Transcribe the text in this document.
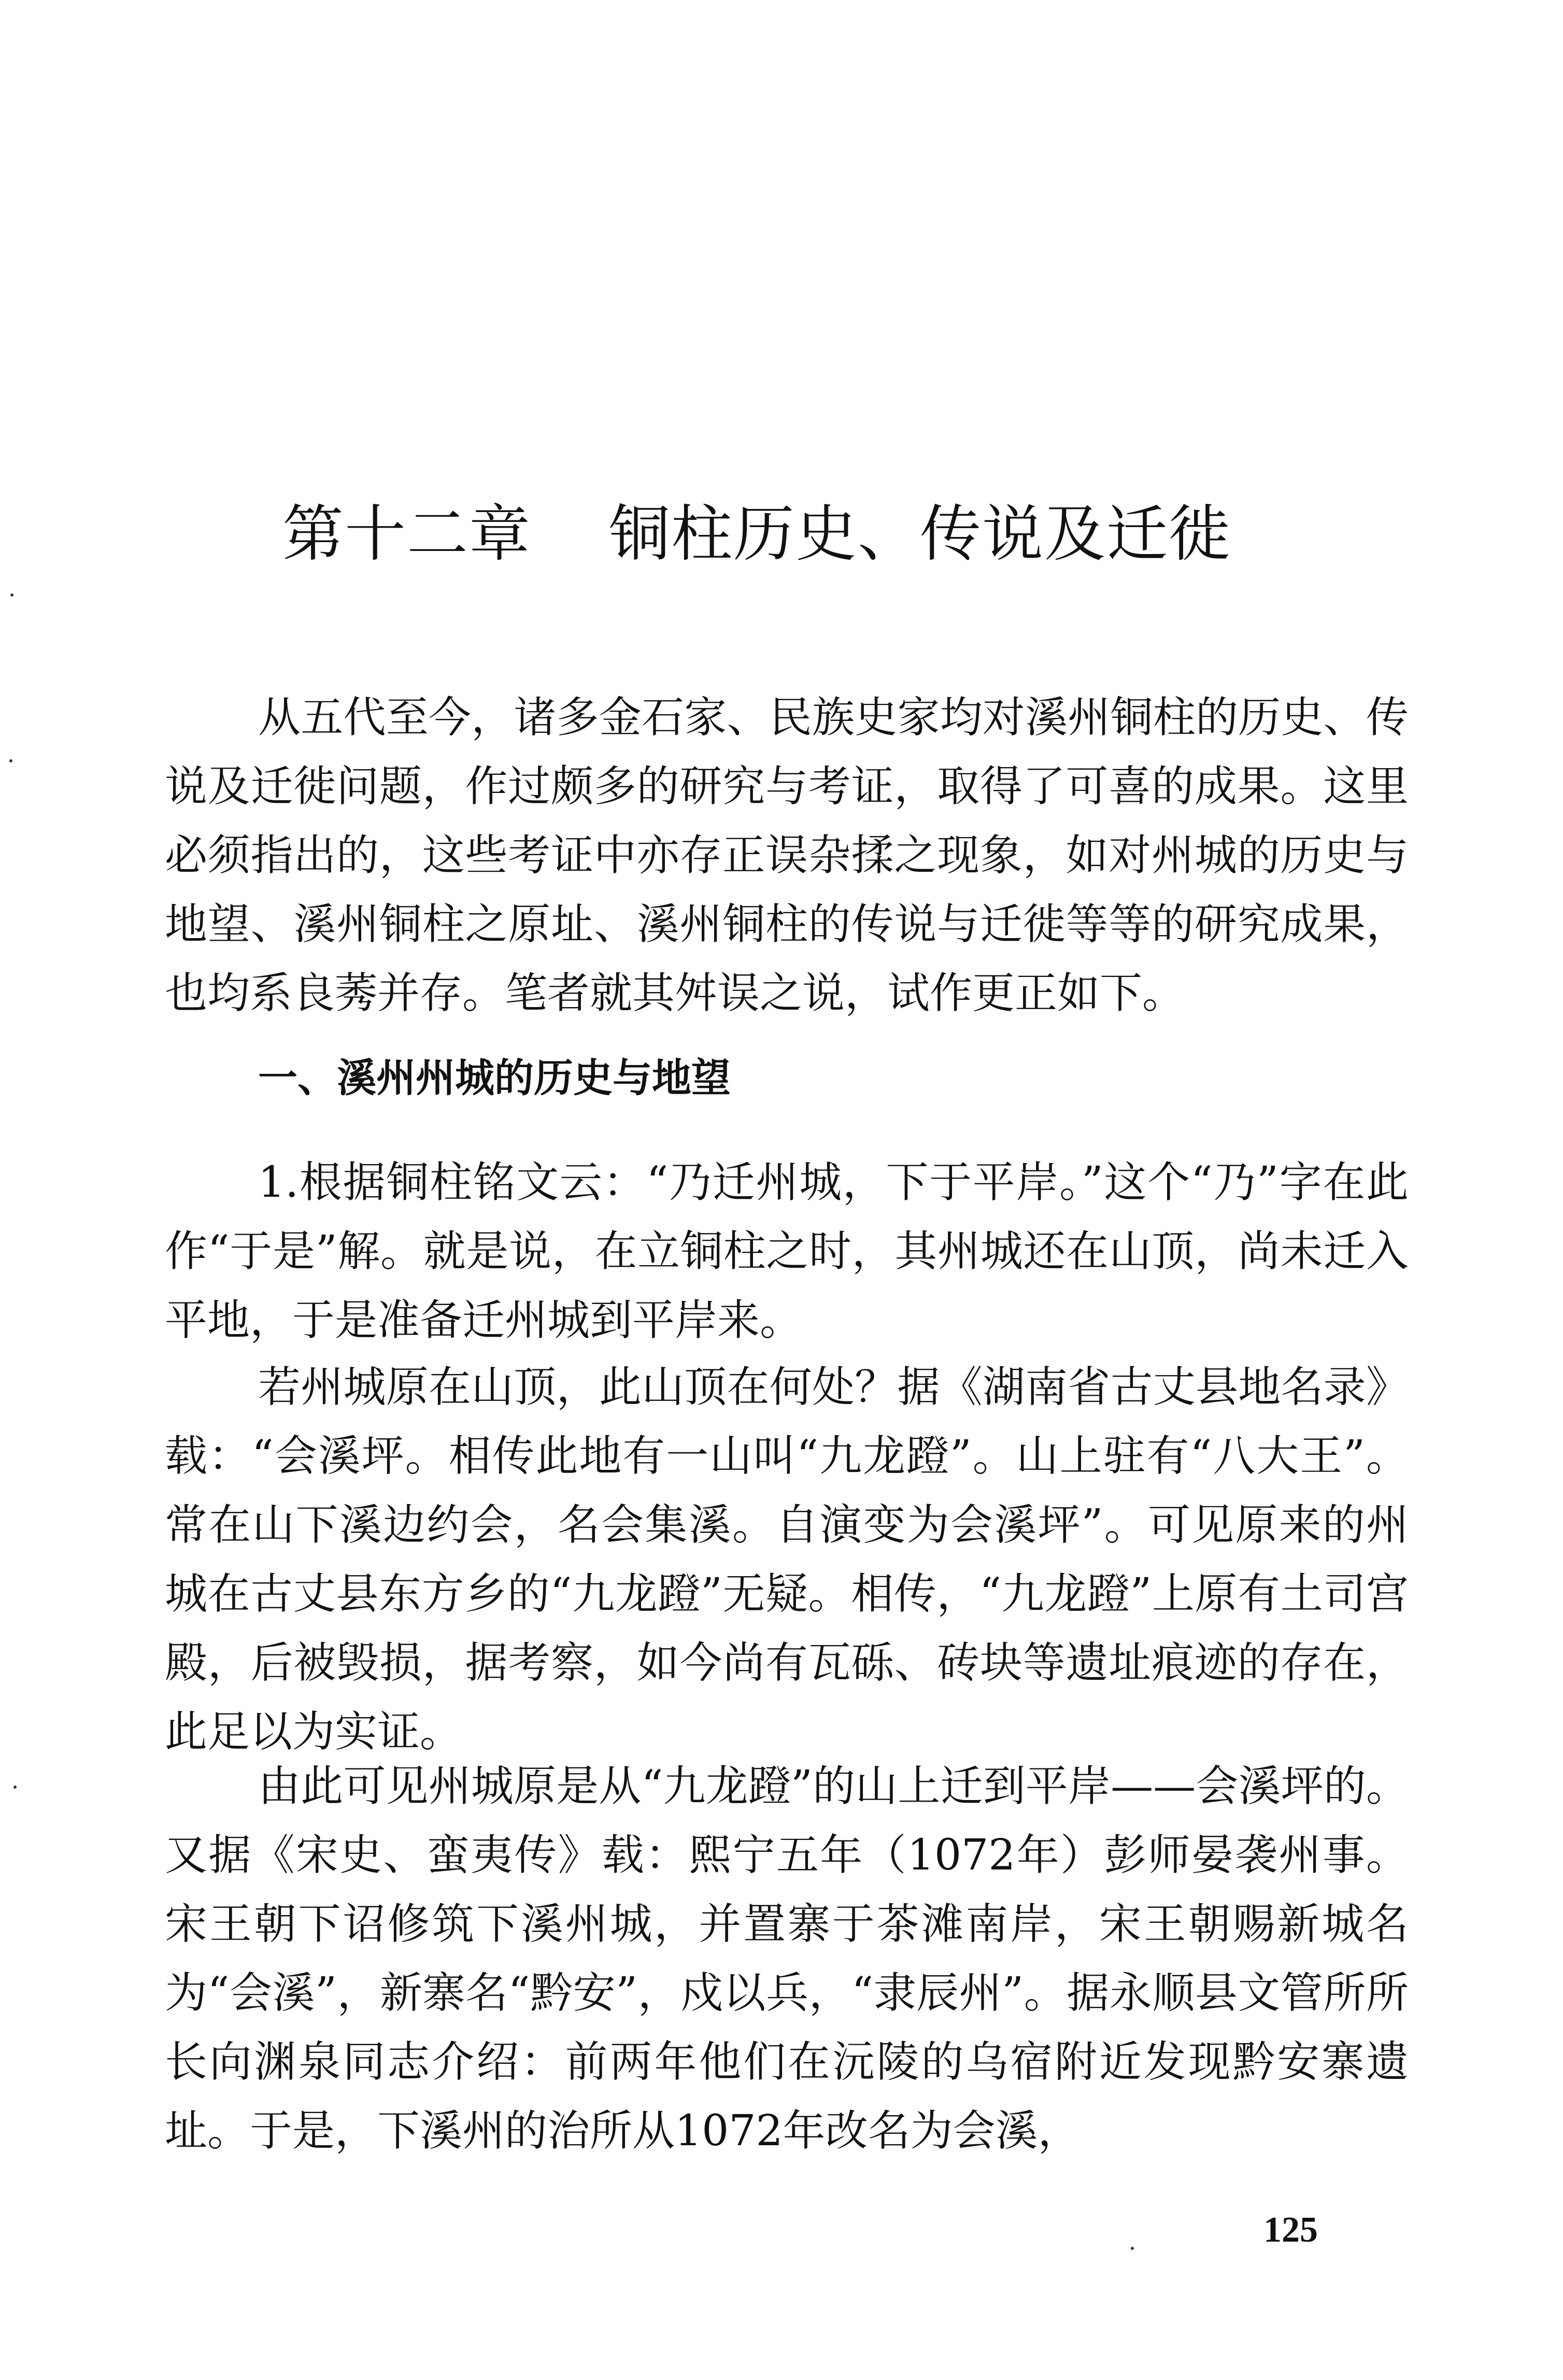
第十二章 铜柱历史、传说及迁徙

从五代至今，诸多金石家、民族史家均对溪州铜柱的历史、传说及迁徙问题，作过颇多的研究与考证，取得了可喜的成果。这里必须指出的，这些考证中亦存正误杂揉之现象，如对州城的历史与地望、溪州铜柱之原址、溪州铜柱的传说与迁徙等等的研究成果，也均系良莠并存。笔者就其舛误之说，试作更正如下。

一、溪州州城的历史与地望

1.根据铜柱铭文云：“乃迁州城，下于平岸。”这个“乃”字在此作“于是”解。就是说，在立铜柱之时，其州城还在山顶，尚未迁入平地，于是准备迁州城到平岸来。

若州城原在山顶，此山顶在何处？据《湖南省古丈县地名录》载：“会溪坪。相传此地有一山叫“九龙蹬”。山上驻有“八大王”。常在山下溪边约会，名会集溪。自演变为会溪坪”。可见原来的州城在古丈县东方乡的“九龙蹬”无疑。相传，“九龙蹬”上原有土司宫殿，后被毁损，据考察，如今尚有瓦砾、砖块等遗址痕迹的存在，此足以为实证。

由此可见州城原是从“九龙蹬”的山上迁到平岸——会溪坪的。又据《宋史、蛮夷传》载：熙宁五年（1072年）彭师晏袭州事。宋王朝下诏修筑下溪州城，并置寨于茶滩南岸，宋王朝赐新城名为“会溪”，新寨名“黔安”，戍以兵，“隶辰州”。据永顺县文管所所长向渊泉同志介绍：前两年他们在沅陵的乌宿附近发现黔安寨遗址。于是，下溪州的治所从1072年改名为会溪，

125
